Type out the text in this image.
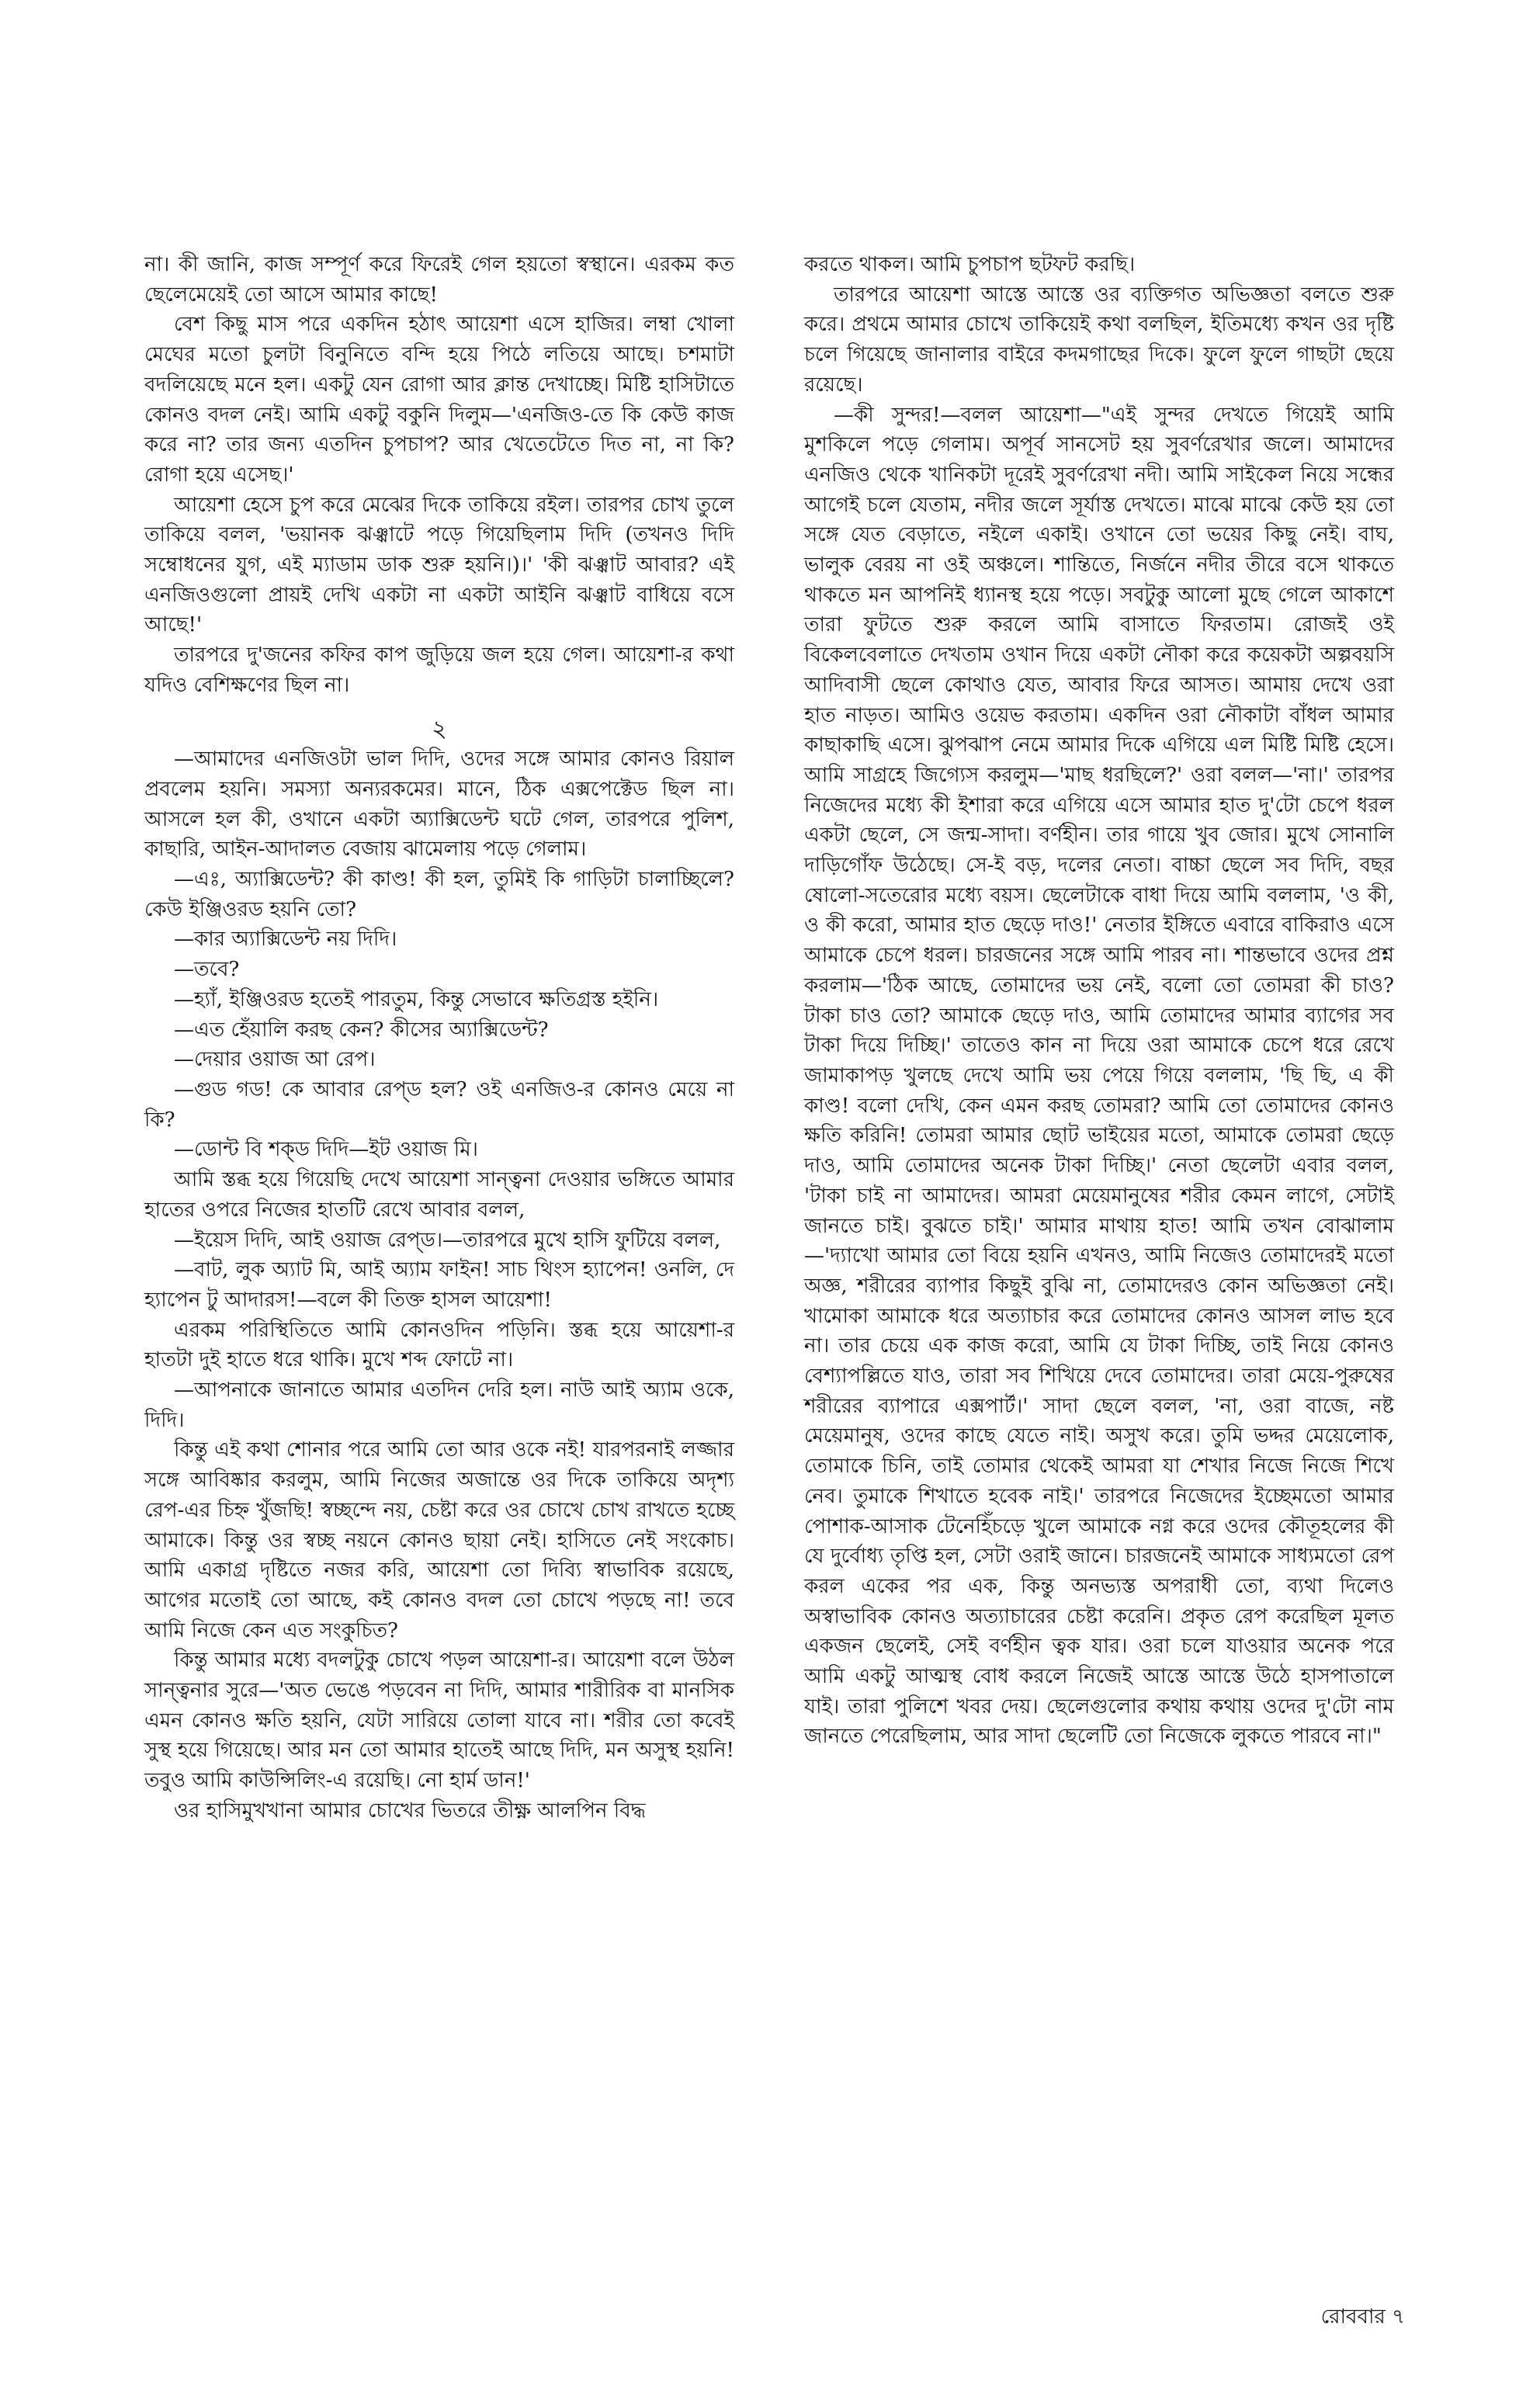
না। কী জানি, কাজ সম্পূর্ণ করে ফিরেই গেল হয়তো স্বস্থানে। এরকম কত ছেলেমেয়েই তো আসে আমার কাছে!

বেশ কিছু মাস পরে একদিন হঠাৎ আয়েশা এসে হাজির। লম্বা খোলা মেঘের মতো চুলটা বিনুনিতে বন্দি হয়ে পিঠে লতিয়ে আছে। চশমাটা বদলিয়েছে মনে হল। একটু যেন রোগা আর ক্লান্ত দেখাচ্ছে। মিষ্টি হাসিটাতে কোনও বদল নেই। আমি একটু বকুনি দিলুম—'এনজিও-তে কি কেউ কাজ করে না? তার জন্য এতদিন চুপচাপ? আর খেতেটেতে দিত না, না কি? রোগা হয়ে এসেছ।'

আয়েশা হেসে চুপ করে মেঝের দিকে তাকিয়ে রইল। তারপর চোখ তুলে তাকিয়ে বলল, 'ভয়ানক ঝঞ্ঝাটে পড়ে গিয়েছিলাম দিদি (তখনও দিদি সম্বোধনের যুগ, এই ম্যাডাম ডাক শুরু হয়নি।)।' 'কী ঝঞ্ঝাট আবার? এই এনজিওগুলো প্রায়ই দেখি একটা না একটা আইনি ঝঞ্ঝাট বাধিয়ে বসে আছে!'

তারপরে দু'জনের কফির কাপ জুড়িয়ে জল হয়ে গেল। আয়েশা-র কথা যদিও বেশিক্ষণের ছিল না।

২

—আমাদের এনজিওটা ভাল দিদি, ওদের সঙ্গে আমার কোনও রিয়াল প্রবলেম হয়নি। সমস্যা অন্যরকমের। মানে, ঠিক এক্সপেক্টেড ছিল না। আসলে হল কী, ওখানে একটা অ্যাক্সিডেন্ট ঘটে গেল, তারপরে পুলিশ, কাছারি, আইন-আদালত বেজায় ঝামেলায় পড়ে গেলাম।

—এঃ, অ্যাক্সিডেন্ট? কী কাণ্ড! কী হল, তুমিই কি গাড়িটা চালাচ্ছিলে? কেউ ইঞ্জিওরড হয়নি তো?

—কার অ্যাক্সিডেন্ট নয় দিদি।

—তবে?

—হ্যাঁ, ইঞ্জিওরড হতেই পারতুম, কিন্তু সেভাবে ক্ষতিগ্রস্ত হইনি।

—এত হেঁয়ালি করছ কেন? কীসের অ্যাক্সিডেন্ট?

—দেয়ার ওয়াজ আ রেপ।

—গুড গড! কে আবার রেপ্‌ড হল? ওই এনজিও-র কোনও মেয়ে না কি?

—ডোন্ট বি শক্‌ড দিদি—ইট ওয়াজ মি।

আমি স্তব্ধ হয়ে গিয়েছি দেখে আয়েশা সান্ত্বনা দেওয়ার ভঙ্গিতে আমার হাতের ওপরে নিজের হাতটি রেখে আবার বলল,

—ইয়েস দিদি, আই ওয়াজ রেপ্‌ড।—তারপরে মুখে হাসি ফুটিয়ে বলল,

—বাট, লুক অ্যাট মি, আই অ্যাম ফাইন! সাচ থিংস হ্যাপেন! ওনলি, দে হ্যাপেন টু আদারস!—বলে কী তিক্ত হাসল আয়েশা!

এরকম পরিস্থিতিতে আমি কোনওদিন পড়িনি। স্তব্ধ হয়ে আয়েশা-র হাতটা দুই হাতে ধরে থাকি। মুখে শব্দ ফোটে না।

—আপনাকে জানাতে আমার এতদিন দেরি হল। নাউ আই অ্যাম ওকে, দিদি।

কিন্তু এই কথা শোনার পরে আমি তো আর ওকে নই! যারপরনাই লজ্জার সঙ্গে আবিষ্কার করলুম, আমি নিজের অজান্তে ওর দিকে তাকিয়ে অদৃশ্য রেপ-এর চিহ্ন খুঁজছি! স্বচ্ছন্দে নয়, চেষ্টা করে ওর চোখে চোখ রাখতে হচ্ছে আমাকে। কিন্তু ওর স্বচ্ছ নয়নে কোনও ছায়া নেই। হাসিতে নেই সংকোচ। আমি একাগ্র দৃষ্টিতে নজর করি, আয়েশা তো দিব্যি স্বাভাবিক রয়েছে, আগের মতোই তো আছে, কই কোনও বদল তো চোখে পড়ছে না! তবে আমি নিজে কেন এত সংকুচিত?

কিন্তু আমার মধ্যে বদলটুকু চোখে পড়ল আয়েশা-র। আয়েশা বলে উঠল সান্ত্বনার সুরে—'অত ভেঙে পড়বেন না দিদি, আমার শারীরিক বা মানসিক এমন কোনও ক্ষতি হয়নি, যেটা সারিয়ে তোলা যাবে না। শরীর তো কবেই সুস্থ হয়ে গিয়েছে। আর মন তো আমার হাতেই আছে দিদি, মন অসুস্থ হয়নি! তবুও আমি কাউন্সিলিং-এ রয়েছি। নো হার্ম ডান!'

ওর হাসিমুখখানা আমার চোখের ভিতরে তীক্ষ্ণ আলপিন বিদ্ধ

করতে থাকল। আমি চুপচাপ ছটফট করছি।

তারপরে আয়েশা আস্তে আস্তে ওর ব্যক্তিগত অভিজ্ঞতা বলতে শুরু করে। প্রথমে আমার চোখে তাকিয়েই কথা বলছিল, ইতিমধ্যে কখন ওর দৃষ্টি চলে গিয়েছে জানালার বাইরে কদমগাছের দিকে। ফুলে ফুলে গাছটা ছেয়ে রয়েছে।

—কী সুন্দর!—বলল আয়েশা—"এই সুন্দর দেখতে গিয়েই আমি মুশকিলে পড়ে গেলাম। অপূর্ব সানসেট হয় সুবর্ণরেখার জলে। আমাদের এনজিও থেকে খানিকটা দূরেই সুবর্ণরেখা নদী। আমি সাইকেল নিয়ে সন্ধের আগেই চলে যেতাম, নদীর জলে সূর্যাস্ত দেখতে। মাঝে মাঝে কেউ হয় তো সঙ্গে যেত বেড়াতে, নইলে একাই। ওখানে তো ভয়ের কিছু নেই। বাঘ, ভালুক বেরয় না ওই অঞ্চলে। শান্তিতে, নির্জনে নদীর তীরে বসে থাকতে থাকতে মন আপনিই ধ্যানস্থ হয়ে পড়ে। সবটুকু আলো মুছে গেলে আকাশে তারা ফুটতে শুরু করলে আমি বাসাতে ফিরতাম। রোজই ওই বিকেলবেলাতে দেখতাম ওখান দিয়ে একটা নৌকা করে কয়েকটা অল্পবয়সি আদিবাসী ছেলে কোথাও যেত, আবার ফিরে আসত। আমায় দেখে ওরা হাত নাড়ত। আমিও ওয়েভ করতাম। একদিন ওরা নৌকাটা বাঁধল আমার কাছাকাছি এসে। ঝুপঝাপ নেমে আমার দিকে এগিয়ে এল মিষ্টি মিষ্টি হেসে। আমি সাগ্রহে জিগ্যেস করলুম—'মাছ ধরছিলে?' ওরা বলল—'না।' তারপর নিজেদের মধ্যে কী ইশারা করে এগিয়ে এসে আমার হাত দু'টো চেপে ধরল একটা ছেলে, সে জন্ম-সাদা। বর্ণহীন। তার গায়ে খুব জোর। মুখে সোনালি দাড়িগোঁফ উঠেছে। সে-ই বড়, দলের নেতা। বাচ্চা ছেলে সব দিদি, বছর ষোলো-সতেরোর মধ্যে বয়স। ছেলেটাকে বাধা দিয়ে আমি বললাম, 'ও কী, ও কী করো, আমার হাত ছেড়ে দাও!' নেতার ইঙ্গিতে এবারে বাকিরাও এসে আমাকে চেপে ধরল। চারজনের সঙ্গে আমি পারব না। শান্তভাবে ওদের প্রশ্ন করলাম—'ঠিক আছে, তোমাদের ভয় নেই, বলো তো তোমরা কী চাও? টাকা চাও তো? আমাকে ছেড়ে দাও, আমি তোমাদের আমার ব্যাগের সব টাকা দিয়ে দিচ্ছি।' তাতেও কান না দিয়ে ওরা আমাকে চেপে ধরে রেখে জামাকাপড় খুলছে দেখে আমি ভয় পেয়ে গিয়ে বললাম, 'ছি ছি, এ কী কাণ্ড! বলো দেখি, কেন এমন করছ তোমরা? আমি তো তোমাদের কোনও ক্ষতি করিনি! তোমরা আমার ছোট ভাইয়ের মতো, আমাকে তোমরা ছেড়ে দাও, আমি তোমাদের অনেক টাকা দিচ্ছি।' নেতা ছেলেটা এবার বলল, 'টাকা চাই না আমাদের। আমরা মেয়েমানুষের শরীর কেমন লাগে, সেটাই জানতে চাই। বুঝতে চাই।' আমার মাথায় হাত! আমি তখন বোঝালাম—'দ্যাখো আমার তো বিয়ে হয়নি এখনও, আমি নিজেও তোমাদেরই মতো অজ্ঞ, শরীরের ব্যাপার কিছুই বুঝি না, তোমাদেরও কোন অভিজ্ঞতা নেই। খামোকা আমাকে ধরে অত্যাচার করে তোমাদের কোনও আসল লাভ হবে না। তার চেয়ে এক কাজ করো, আমি যে টাকা দিচ্ছি, তাই নিয়ে কোনও বেশ্যাপল্লিতে যাও, তারা সব শিখিয়ে দেবে তোমাদের। তারা মেয়ে-পুরুষের শরীরের ব্যাপারে এক্সপার্ট।' সাদা ছেলে বলল, 'না, ওরা বাজে, নষ্ট মেয়েমানুষ, ওদের কাছে যেতে নাই। অসুখ করে। তুমি ভদ্দর মেয়েলোক, তোমাকে চিনি, তাই তোমার থেকেই আমরা যা শেখার নিজে নিজে শিখে নেব। তুমাকে শিখাতে হবেক নাই।' তারপরে নিজেদের ইচ্ছেমতো আমার পোশাক-আসাক টেনেহিঁচড়ে খুলে আমাকে নগ্ন করে ওদের কৌতূহলের কী যে দুর্বোধ্য তৃপ্তি হল, সেটা ওরাই জানে। চারজনেই আমাকে সাধ্যমতো রেপ করল একের পর এক, কিন্তু অনভ্যস্ত অপরাধী তো, ব্যথা দিলেও অস্বাভাবিক কোনও অত্যাচারের চেষ্টা করেনি। প্রকৃত রেপ করেছিল মূলত একজন ছেলেই, সেই বর্ণহীন ত্বক যার। ওরা চলে যাওয়ার অনেক পরে আমি একটু আত্মস্থ বোধ করলে নিজেই আস্তে আস্তে উঠে হাসপাতালে যাই। তারা পুলিশে খবর দেয়। ছেলেগুলোর কথায় কথায় ওদের দু'টো নাম জানতে পেরেছিলাম, আর সাদা ছেলেটি তো নিজেকে লুকতে পারবে না।"

রোববার ৭
